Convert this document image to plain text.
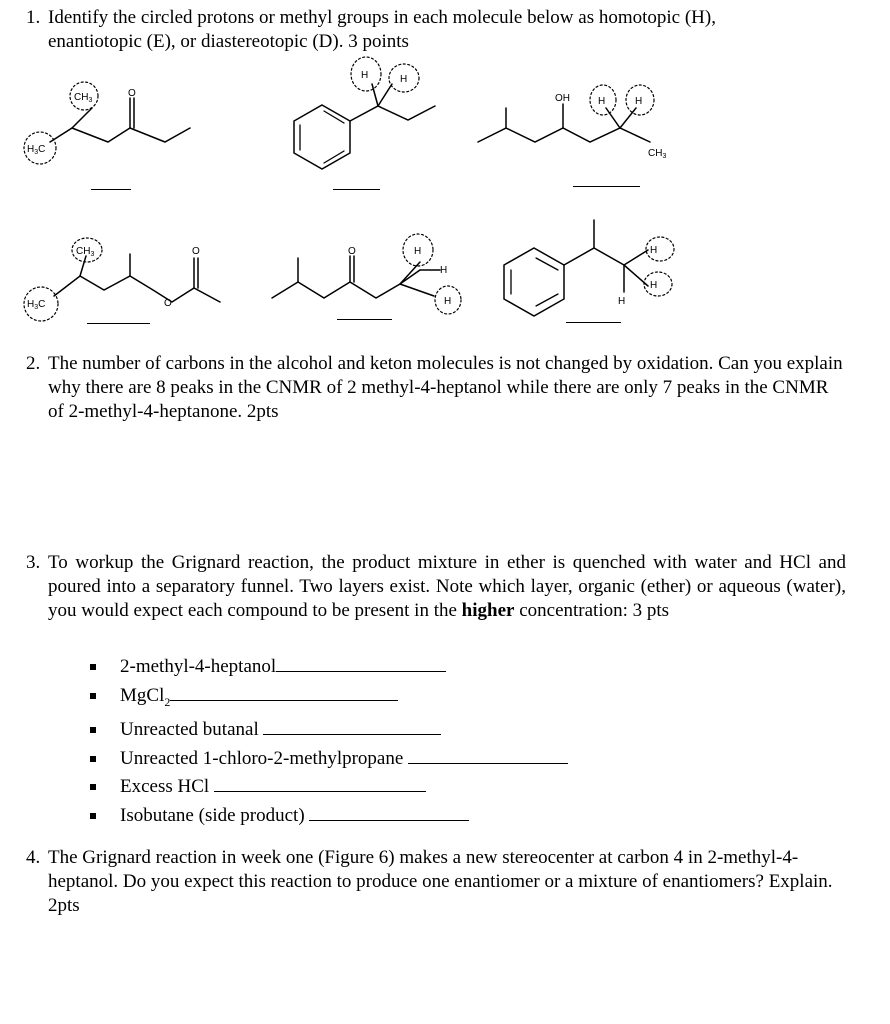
1. Identify the circled protons or methyl groups in each molecule below as homotopic (H),
enantiotopic (E), or diastereotopic (D). 3 points
$CH_3$
$H_3C$
O
H	H
OH	H	H
$CH_3$
$CH_3$
$H_3C$
O
O
O	H
H
H
H
H
H
2. The number of carbons in the alcohol and keton molecules is not changed by oxidation. Can you explain why there are 8 peaks in the CNMR of 2 methyl-4-heptanol while there are only 7 peaks in the CNMR of 2-methyl-4-heptanone. 2pts
3. To workup the Grignard reaction, the product mixture in ether is quenched with water and HCl and poured into a separatory funnel. Two layers exist. Note which layer, organic (ether) or aqueous (water), you would expect each compound to be present in the higher concentration: 3 pts
2-methyl-4-heptanol
MgCl$_2$
Unreacted butanal
Unreacted 1-chloro-2-methylpropane
Excess HCl
Isobutane (side product)
4. The Grignard reaction in week one (Figure 6) makes a new stereocenter at carbon 4 in 2-methyl-4-heptanol. Do you expect this reaction to produce one enantiomer or a mixture of enantiomers? Explain. 2pts
